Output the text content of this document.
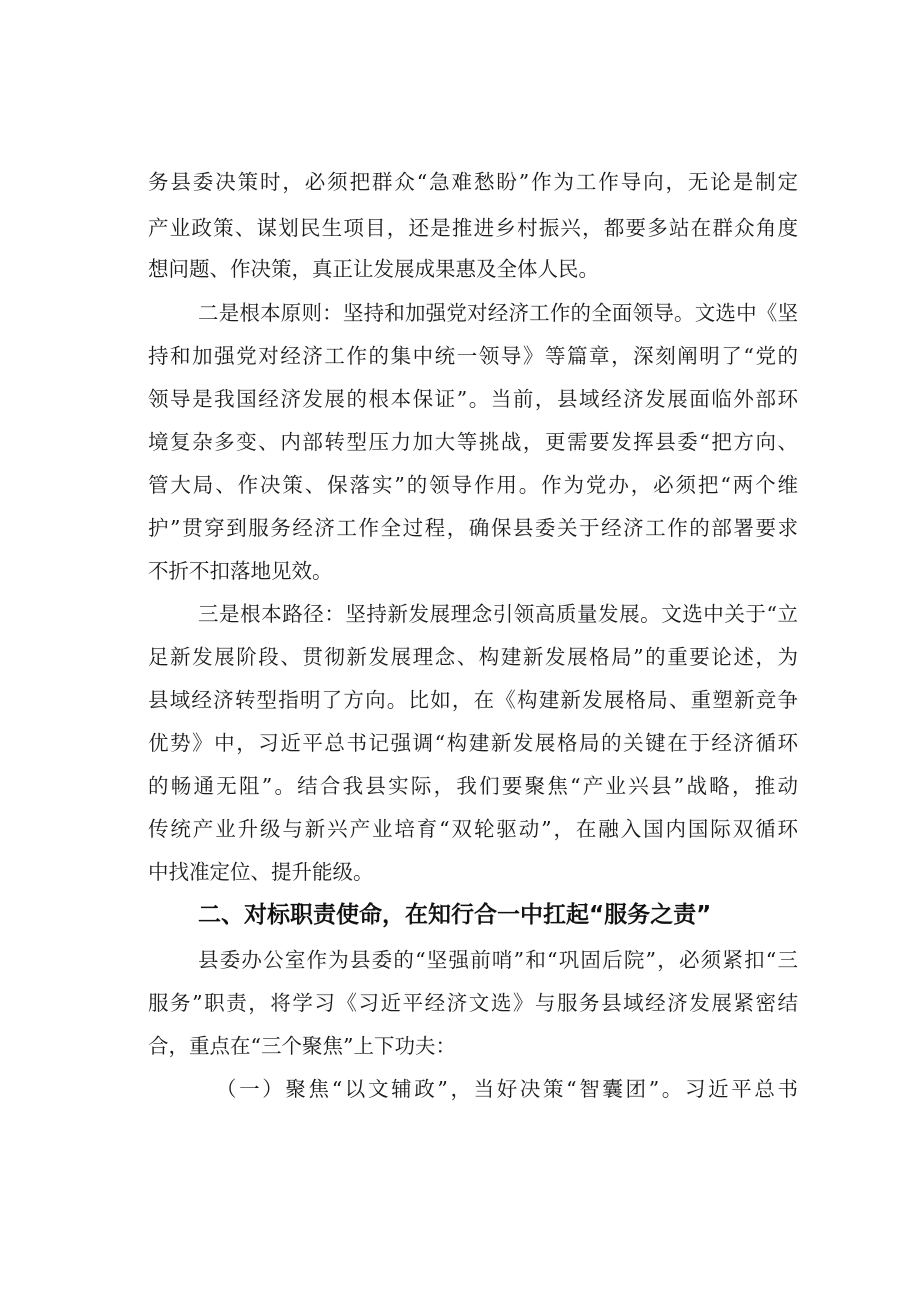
务县委决策时，必须把群众“急难愁盼”作为工作导向，无论是制定
产业政策、谋划民生项目，还是推进乡村振兴，都要多站在群众角度
想问题、作决策，真正让发展成果惠及全体人民。
二是根本原则：坚持和加强党对经济工作的全面领导。文选中《坚
持和加强党对经济工作的集中统一领导》等篇章，深刻阐明了“党的
领导是我国经济发展的根本保证”。当前，县域经济发展面临外部环
境复杂多变、内部转型压力加大等挑战，更需要发挥县委“把方向、
管大局、作决策、保落实”的领导作用。作为党办，必须把“两个维
护”贯穿到服务经济工作全过程，确保县委关于经济工作的部署要求
不折不扣落地见效。
三是根本路径：坚持新发展理念引领高质量发展。文选中关于“立
足新发展阶段、贯彻新发展理念、构建新发展格局”的重要论述，为
县域经济转型指明了方向。比如，在《构建新发展格局、重塑新竞争
优势》中，习近平总书记强调“构建新发展格局的关键在于经济循环
的畅通无阻”。结合我县实际，我们要聚焦“产业兴县”战略，推动
传统产业升级与新兴产业培育“双轮驱动”，在融入国内国际双循环
中找准定位、提升能级。
二、对标职责使命，在知行合一中扛起“服务之责”
县委办公室作为县委的“坚强前哨”和“巩固后院”，必须紧扣“三
服务”职责，将学习《习近平经济文选》与服务县域经济发展紧密结
合，重点在“三个聚焦”上下功夫：
（一）聚焦“以文辅政”，当好决策“智囊团”。习近平总书
